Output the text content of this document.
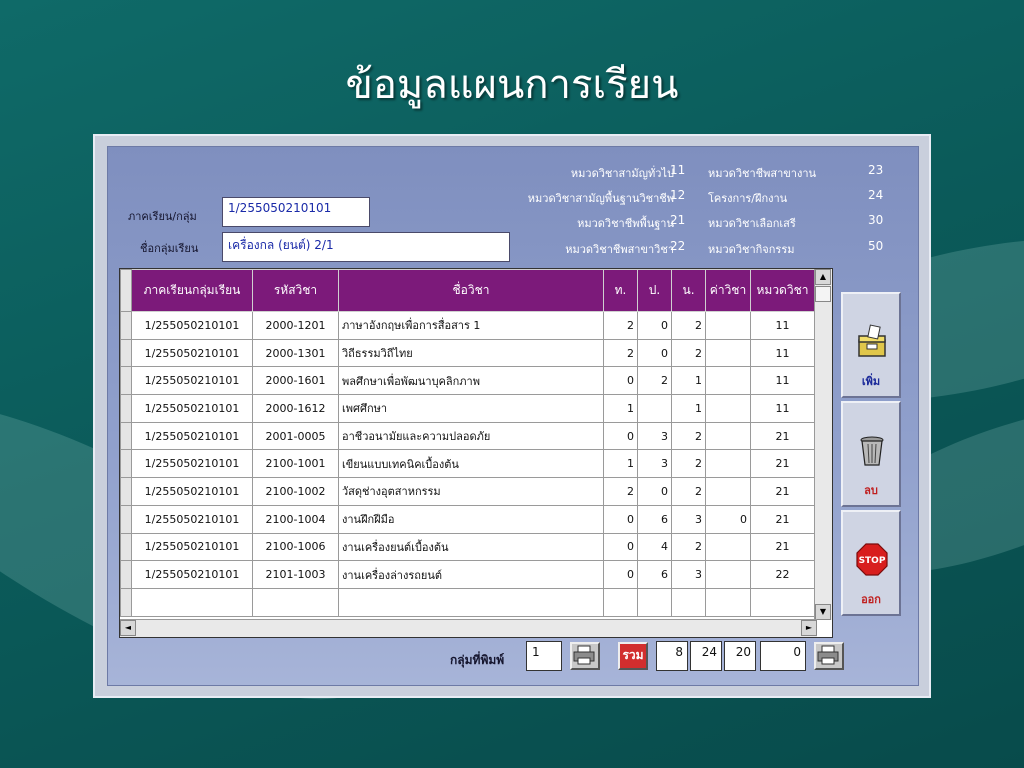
ข้อมูลแผนการเรียน
ภาคเรียน/กลุ่ม
1/255050210101
ชื่อกลุ่มเรียน	เครื่องกล (ยนต์) 2/1
หมวดวิชาสามัญทั่วไป
11
หมวดวิชาสามัญพื้นฐานวิชาชีพ
12
หมวดวิชาชีพพื้นฐาน
21
หมวดวิชาชีพสาขาวิชา
22
หมวดวิชาชีพสาขางาน	23
โครงการ/ฝึกงาน	24
หมวดวิชาเลือกเสรี	30
หมวดวิชากิจกรรม	50
	ภาคเรียนกลุ่มเรียน	รหัสวิชา	ชื่อวิชา	ท.	ป.	น.	ค่าวิชา	หมวดวิชา
	1/255050210101	2000-1201	ภาษาอังกฤษเพื่อการสื่อสาร 1	2	0	2		11
	1/255050210101	2000-1301	วิถีธรรมวิถีไทย	2	0	2		11
	1/255050210101	2000-1601	พลศึกษาเพื่อพัฒนาบุคลิกภาพ	0	2	1		11
	1/255050210101	2000-1612	เพศศึกษา	1		1		11
	1/255050210101	2001-0005	อาชีวอนามัยและความปลอดภัย	0	3	2		21
	1/255050210101	2100-1001	เขียนแบบเทคนิคเบื้องต้น	1	3	2		21
	1/255050210101	2100-1002	วัสดุช่างอุตสาหกรรม	2	0	2		21
	1/255050210101	2100-1004	งานฝึกฝีมือ	0	6	3	0	21
	1/255050210101	2100-1006	งานเครื่องยนต์เบื้องต้น	0	4	2		21
	1/255050210101	2101-1003	งานเครื่องล่างรถยนต์	0	6	3		22

▲
▼
◄	►
เพิ่ม
ลบ
STOP
ออก
กลุ่มที่พิมพ์
1	รวม	8	24	20	0
